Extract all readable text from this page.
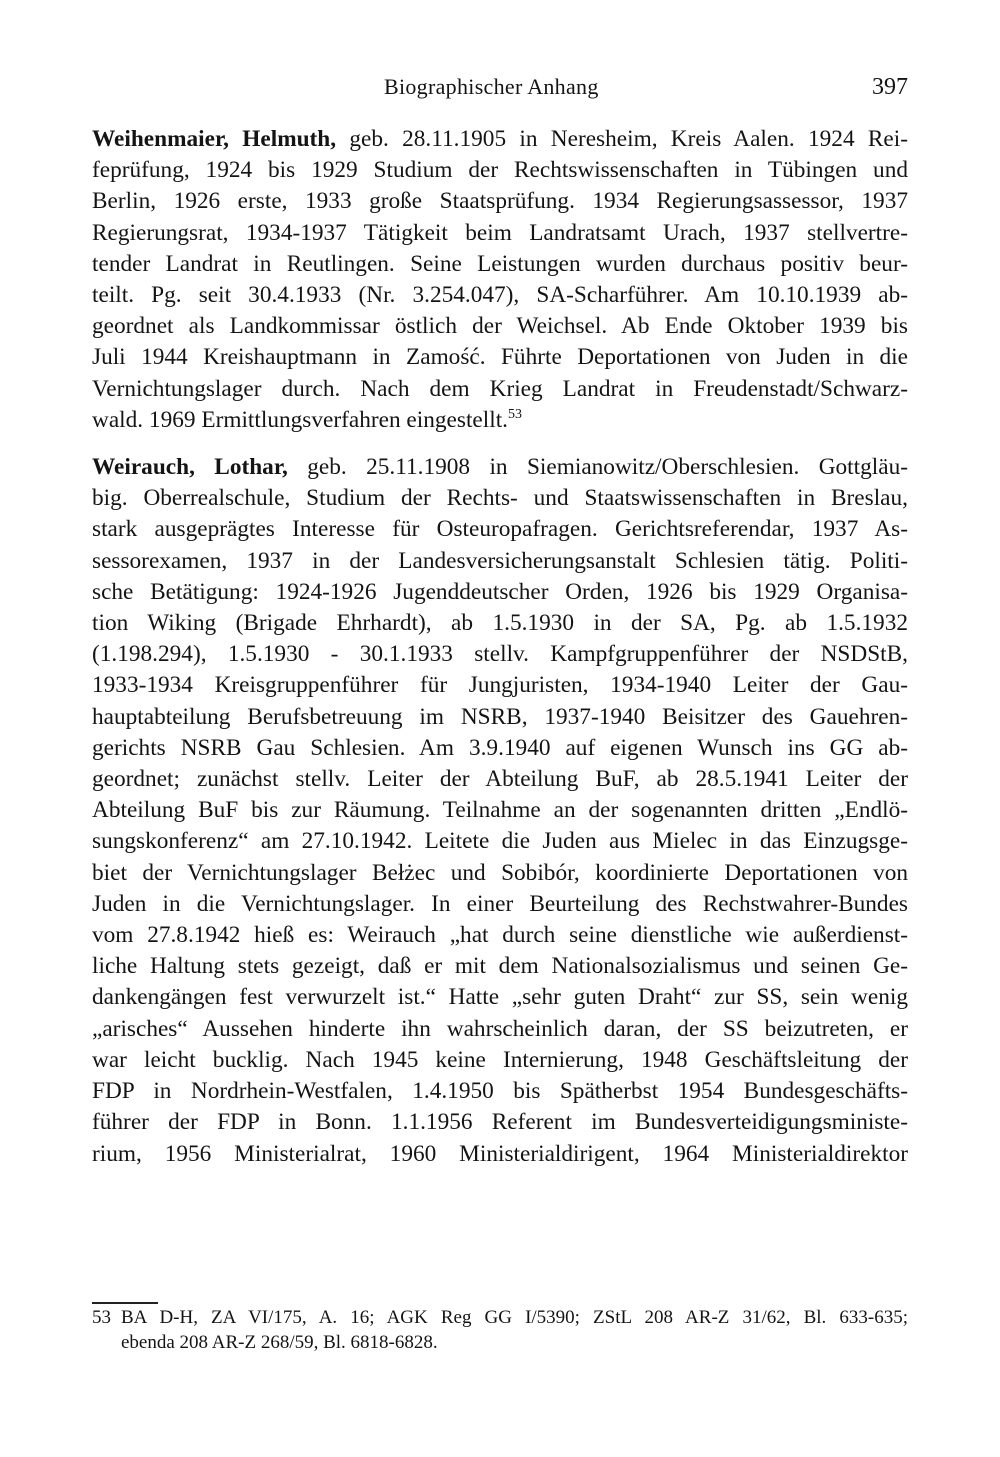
Biographischer Anhang	397

Weihenmaier, Helmuth, geb. 28.11.1905 in Neresheim, Kreis Aalen. 1924 Rei-
feprüfung, 1924 bis 1929 Studium der Rechtswissenschaften in Tübingen und
Berlin, 1926 erste, 1933 große Staatsprüfung. 1934 Regierungsassessor, 1937
Regierungsrat, 1934-1937 Tätigkeit beim Landratsamt Urach, 1937 stellvertre-
tender Landrat in Reutlingen. Seine Leistungen wurden durchaus positiv beur-
teilt. Pg. seit 30.4.1933 (Nr. 3.254.047), SA-Scharführer. Am 10.10.1939 ab-
geordnet als Landkommissar östlich der Weichsel. Ab Ende Oktober 1939 bis
Juli 1944 Kreishauptmann in Zamość. Führte Deportationen von Juden in die
Vernichtungslager durch. Nach dem Krieg Landrat in Freudenstadt/Schwarz-
wald. 1969 Ermittlungsverfahren eingestellt.$^{53}$

Weirauch, Lothar, geb. 25.11.1908 in Siemianowitz/Oberschlesien. Gottgläu-
big. Oberrealschule, Studium der Rechts- und Staatswissenschaften in Breslau,
stark ausgeprägtes Interesse für Osteuropafragen. Gerichtsreferendar, 1937 As-
sessorexamen, 1937 in der Landesversicherungsanstalt Schlesien tätig. Politi-
sche Betätigung: 1924-1926 Jugenddeutscher Orden, 1926 bis 1929 Organisa-
tion Wiking (Brigade Ehrhardt), ab 1.5.1930 in der SA, Pg. ab 1.5.1932
(1.198.294), 1.5.1930 - 30.1.1933 stellv. Kampfgruppenführer der NSDStB,
1933-1934 Kreisgruppenführer für Jungjuristen, 1934-1940 Leiter der Gau-
hauptabteilung Berufsbetreuung im NSRB, 1937-1940 Beisitzer des Gauehren-
gerichts NSRB Gau Schlesien. Am 3.9.1940 auf eigenen Wunsch ins GG ab-
geordnet; zunächst stellv. Leiter der Abteilung BuF, ab 28.5.1941 Leiter der
Abteilung BuF bis zur Räumung. Teilnahme an der sogenannten dritten „Endlö-
sungskonferenz“ am 27.10.1942. Leitete die Juden aus Mielec in das Einzugsge-
biet der Vernichtungslager Bełżec und Sobibór, koordinierte Deportationen von
Juden in die Vernichtungslager. In einer Beurteilung des Rechstwahrer-Bundes
vom 27.8.1942 hieß es: Weirauch „hat durch seine dienstliche wie außerdienst-
liche Haltung stets gezeigt, daß er mit dem Nationalsozialismus und seinen Ge-
dankengängen fest verwurzelt ist.“ Hatte „sehr guten Draht“ zur SS, sein wenig
„arisches“ Aussehen hinderte ihn wahrscheinlich daran, der SS beizutreten, er
war leicht bucklig. Nach 1945 keine Internierung, 1948 Geschäftsleitung der
FDP in Nordrhein-Westfalen, 1.4.1950 bis Spätherbst 1954 Bundesgeschäfts-
führer der FDP in Bonn. 1.1.1956 Referent im Bundesverteidigungsministe-
rium, 1956 Ministerialrat, 1960 Ministerialdirigent, 1964 Ministerialdirektor

53 BA D-H, ZA VI/175, A. 16; AGK Reg GG I/5390; ZStL 208 AR-Z 31/62, Bl. 633-635;
ebenda 208 AR-Z 268/59, Bl. 6818-6828.
